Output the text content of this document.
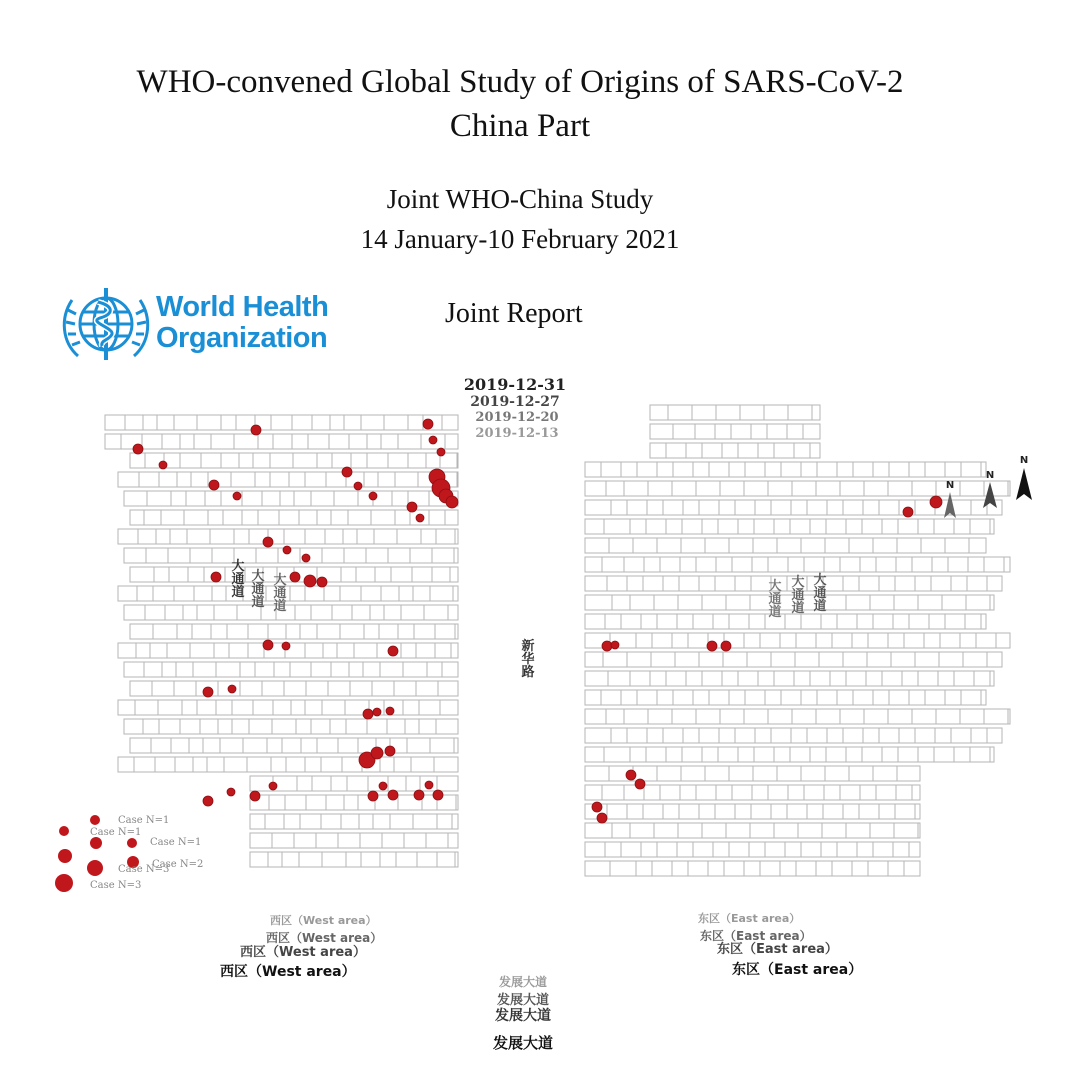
WHO-convened Global Study of Origins of SARS-CoV-2
China Part
Joint WHO-China Study
14 January-10 February 2021
Joint Report
World Health
Organization
2019-12-31
2019-12-27
2019-12-20
2019-12-13
新华路
大通道 大通道 大通道	大通道
大通道
大通道
N
N
N
Case N=1
Case N=1
Case N=1
Case N=2
Case N=3
Case N=3
西区（West area）
西区（West area）
西区（West area）
西区（West area）
东区（East area）
东区（East area）
东区（East area）
东区（East area）
发展大道
发展大道
发展大道
发展大道
